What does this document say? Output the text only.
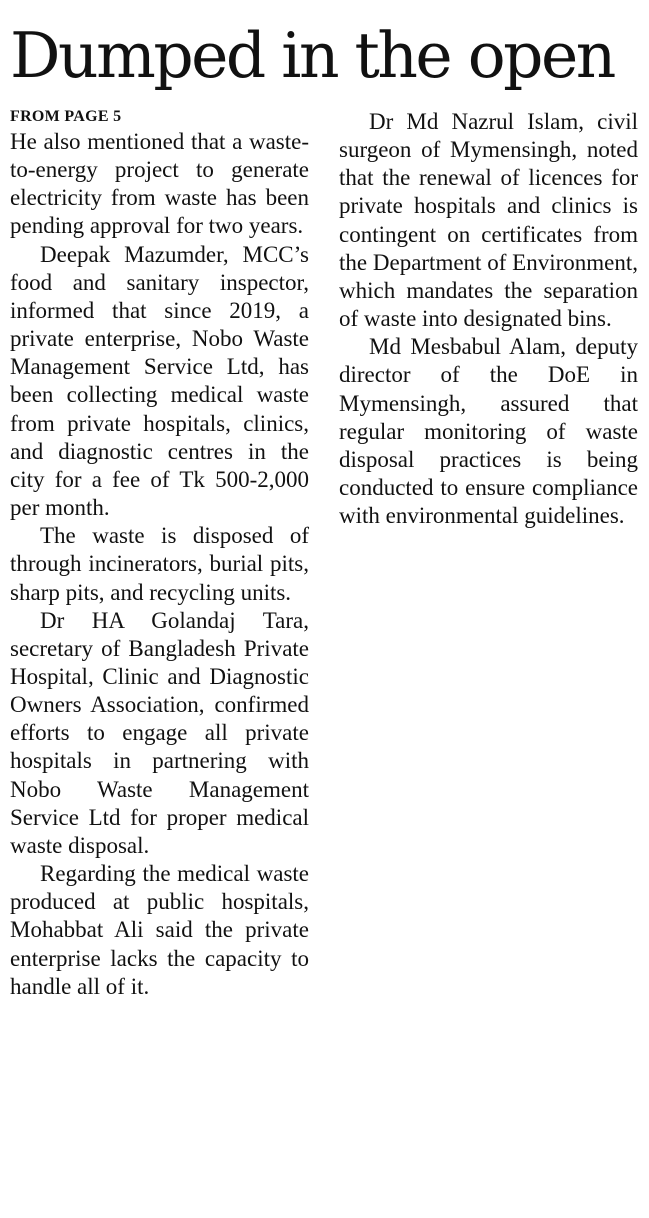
Dumped in the open

FROM PAGE 5

He also mentioned that a waste-to-energy project to generate electricity from waste has been pending approval for two years.

Deepak Mazumder, MCC’s food and sanitary inspector, informed that since 2019, a private enterprise, Nobo Waste Management Service Ltd, has been collecting medical waste from private hospitals, clinics, and diagnostic centres in the city for a fee of Tk 500-2,000 per month.

The waste is disposed of through incinerators, burial pits, sharp pits, and recycling units.

Dr HA Golandaj Tara, secretary of Bangladesh Private Hospital, Clinic and Diagnostic Owners Association, confirmed efforts to engage all private hospitals in partnering with Nobo Waste Management Service Ltd for proper medical waste disposal.

Regarding the medical waste produced at public hospitals, Mohabbat Ali said the private enterprise lacks the capacity to handle all of it.

Dr Md Nazrul Islam, civil surgeon of Mymensingh, noted that the renewal of licences for private hospitals and clinics is contingent on certificates from the Department of Environment, which mandates the separation of waste into designated bins.

Md Mesbabul Alam, deputy director of the DoE in Mymensingh, assured that regular monitoring of waste disposal practices is being conducted to ensure compliance with environmental guidelines.
